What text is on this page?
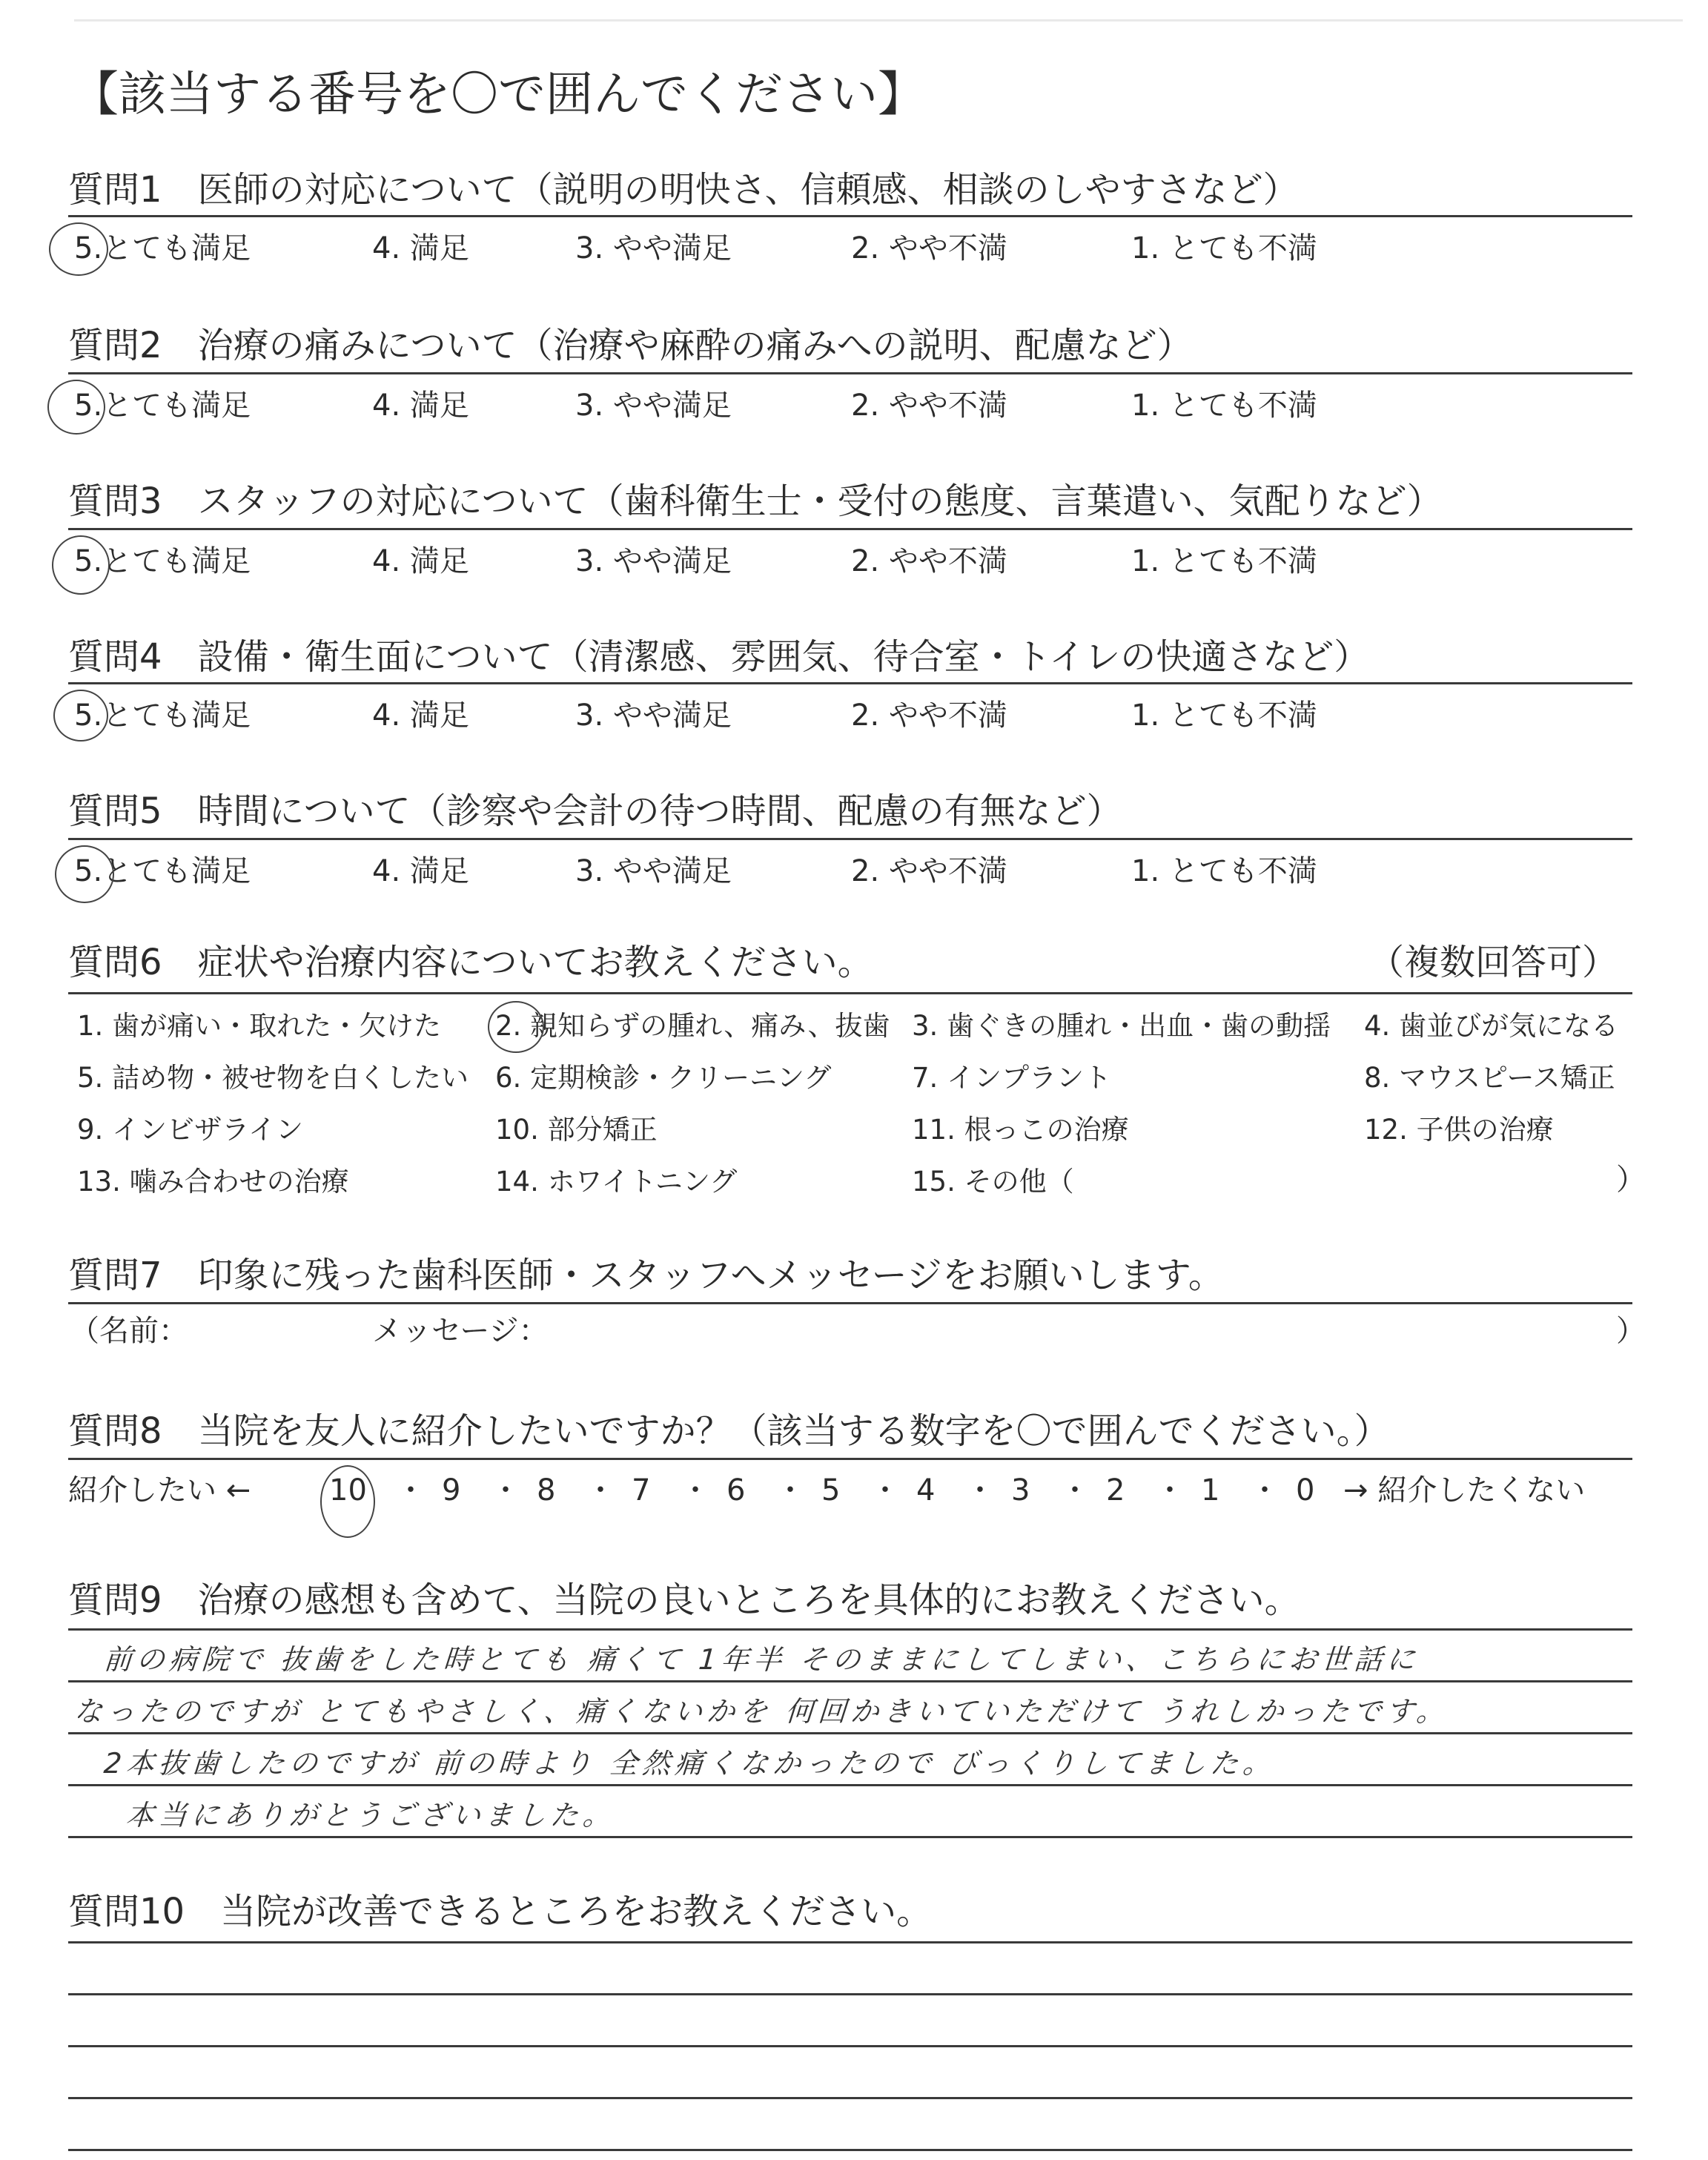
【該当する番号を〇で囲んでください】
質問1　 医師の対応について（説明の明快さ、信頼感、相談のしやすさなど）
5.とても満足	4. 満足	3. やや満足	2. やや不満	1. とても不満
質問2　 治療の痛みについて（治療や麻酔の痛みへの説明、配慮など）
5.とても満足	4. 満足	3. やや満足	2. やや不満	1. とても不満
質問3　 スタッフの対応について（歯科衛生士・受付の態度、言葉遣い、気配りなど）
5.とても満足	4. 満足	3. やや満足	2. やや不満	1. とても不満
質問4　 設備・衛生面について（清潔感、雰囲気、待合室・トイレの快適さなど）
5.とても満足	4. 満足	3. やや満足	2. やや不満	1. とても不満
質問5　 時間について（診察や会計の待つ時間、配慮の有無など）
5.とても満足	4. 満足	3. やや満足	2. やや不満	1. とても不満
質問6　 症状や治療内容についてお教えください。	（複数回答可）
1. 歯が痛い・取れた・欠けた 2. 親知らずの腫れ、痛み、抜歯 3. 歯ぐきの腫れ・出血・歯の動揺 4. 歯並びが気になる
5. 詰め物・被せ物を白くしたい 6. 定期検診・クリーニング	7. インプラント	8. マウスピース矯正
9. インビザライン	10. 部分矯正	11. 根っこの治療	12. 子供の治療
13. 噛み合わせの治療	14. ホワイトニング	15. その他（	）
質問7　 印象に残った歯科医師・スタッフへメッセージをお願いします。
（名前：	メッセージ：	）
質問8　 当院を友人に紹介したいですか？（該当する数字を〇で囲んでください。）
紹介したい ←	10 ・ 9 ・ 8 ・ 7 ・ 6 ・ 5 ・ 4 ・ 3 ・ 2 ・ 1 ・ 0 → 紹介したくない
質問9　 治療の感想も含めて、当院の良いところを具体的にお教えください。
前の病院で 抜歯をした時とても 痛くて 1年半 そのままにしてしまい、こちらにお世話に
なったのですが とてもやさしく、痛くないかを 何回かきいていただけて うれしかったです。
2本抜歯したのですが 前の時より 全然痛くなかったので びっくりしてました。
本当にありがとうございました。
質問10　 当院が改善できるところをお教えください。
